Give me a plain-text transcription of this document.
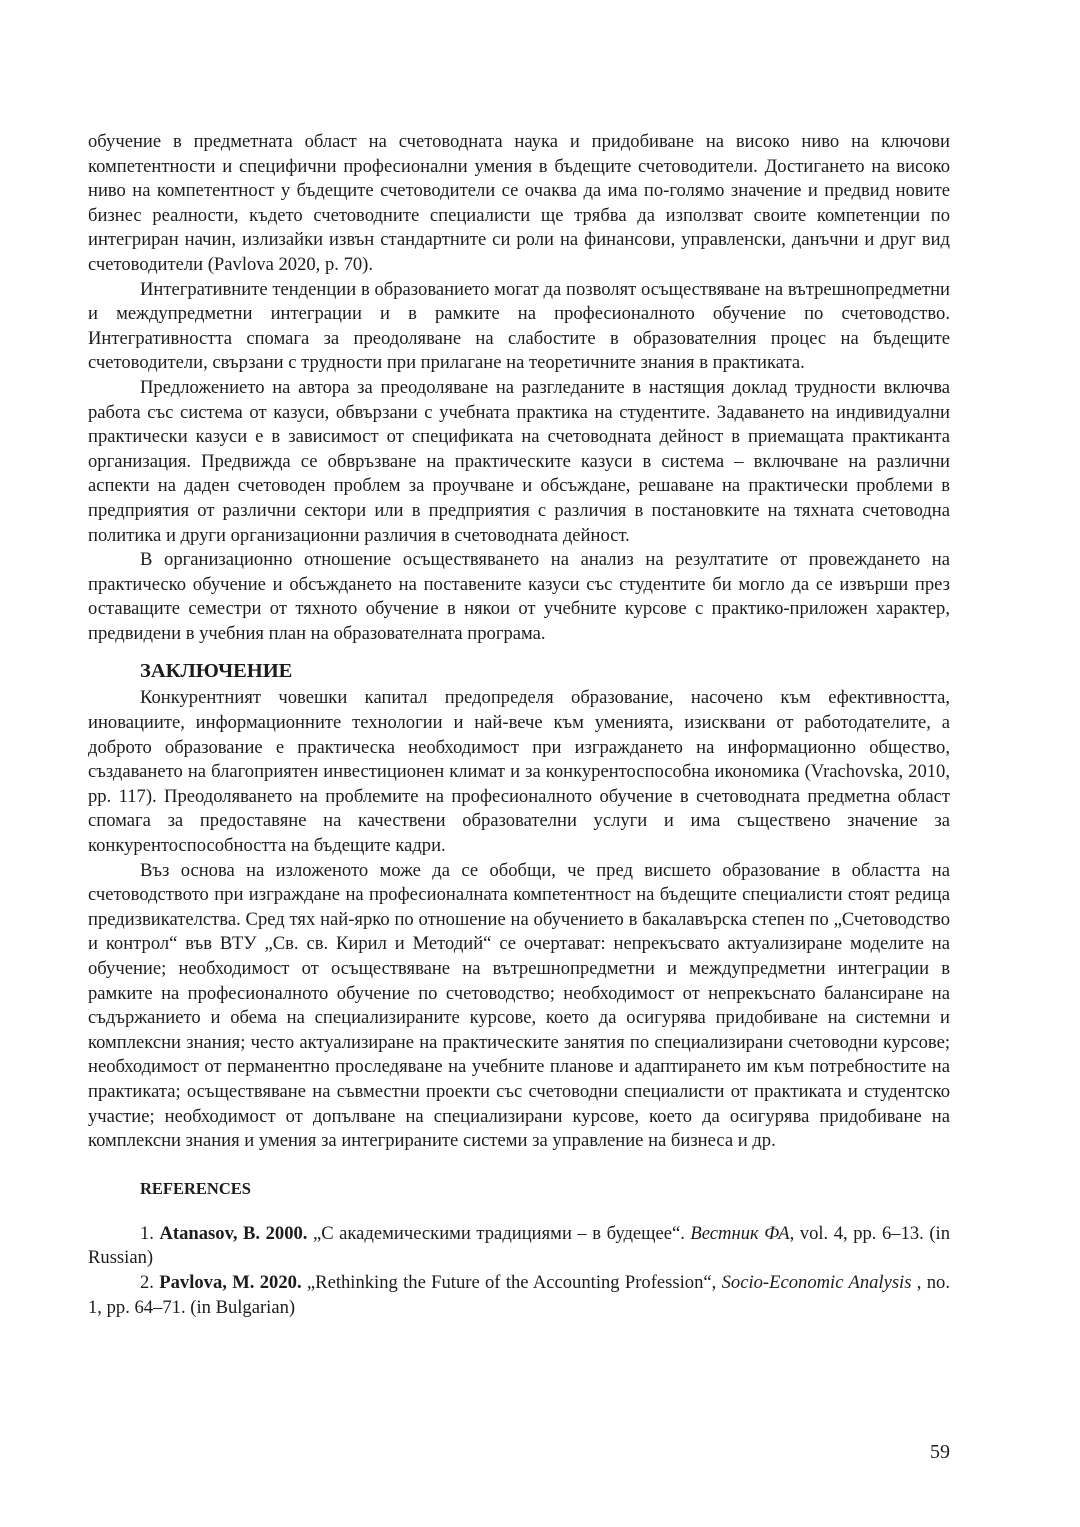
обучение в предметната област на счетоводната наука и придобиване на високо ниво на ключови компетентности и специфични професионални умения в бъдещите счетоводители. Достигането на високо ниво на компетентност у бъдещите счетоводители се очаква да има по-голямо значение и предвид новите бизнес реалности, където счетоводните специалисти ще трябва да използват своите компетенции по интегриран начин, излизайки извън стандартните си роли на финансови, управленски, данъчни и друг вид счетоводители (Pavlova 2020, p. 70).

Интегративните тенденции в образованието могат да позволят осъществяване на вътрешнопредметни и междупредметни интеграции и в рамките на професионалното обучение по счетоводство. Интегративността спомага за преодоляване на слабостите в образователния процес на бъдещите счетоводители, свързани с трудности при прилагане на теоретичните знания в практиката.

Предложението на автора за преодоляване на разгледаните в настящия доклад трудности включва работа със система от казуси, обвързани с учебната практика на студентите. Задаването на индивидуални практически казуси е в зависимост от спецификата на счетоводната дейност в приемащата практиканта организация. Предвижда се обвръзване на практическите казуси в система – включване на различни аспекти на даден счетоводен проблем за проучване и обсъждане, решаване на практически проблеми в предприятия от различни сектори или в предприятия с различия в постановките на тяхната счетоводна политика и други организационни различия в счетоводната дейност.

В организационно отношение осъществяването на анализ на резултатите от провеждането на практическо обучение и обсъждането на поставените казуси със студентите би могло да се извърши през оставащите семестри от тяхното обучение в някои от учебните курсове с практико-приложен характер, предвидени в учебния план на образователната програма.

ЗАКЛЮЧЕНИЕ

Конкурентният човешки капитал предопределя образование, насочено към ефективността, иновациите, информационните технологии и най-вече към уменията, изисквани от работодателите, а доброто образование е практическа необходимост при изграждането на информационно общество, създаването на благоприятен инвестиционен климат и за конкурентоспособна икономика (Vrachovska, 2010, pp. 117). Преодоляването на проблемите на професионалното обучение в счетоводната предметна област спомага за предоставяне на качествени образователни услуги и има съществено значение за конкурентоспособността на бъдещите кадри.

Въз основа на изложеното може да се обобщи, че пред висшето образование в областта на счетоводството при изграждане на професионалната компетентност на бъдещите специалисти стоят редица предизвикателства. Сред тях най-ярко по отношение на обучението в бакалавърска степен по „Счетоводство и контрол“ във ВТУ „Св. св. Кирил и Методий“ се очертават: непрекъсвато актуализиране моделите на обучение; необходимост от осъществяване на вътрешнопредметни и междупредметни интеграции в рамките на професионалното обучение по счетоводство; необходимост от непрекъснато балансиране на съдържанието и обема на специализираните курсове, което да осигурява придобиване на системни и комплексни знания; често актуализиране на практическите занятия по специализирани счетоводни курсове; необходимост от перманентно проследяване на учебните планове и адаптирането им към потребностите на практиката; осъществяване на съвместни проекти със счетоводни специалисти от практиката и студентско участие; необходимост от допълване на специализирани курсове, което да осигурява придобиване на комплексни знания и умения за интегрираните системи за управление на бизнеса и др.

REFERENCES

1. Atanasov, B. 2000. „С академическими традициями – в будещее“. Вестник ФА, vol. 4, pp. 6–13. (in Russian)

2. Pavlova, M. 2020. „Rethinking the Future of the Accounting Profession“, Socio-Economic Analysis , no. 1, pp. 64–71. (in Bulgarian)

59
